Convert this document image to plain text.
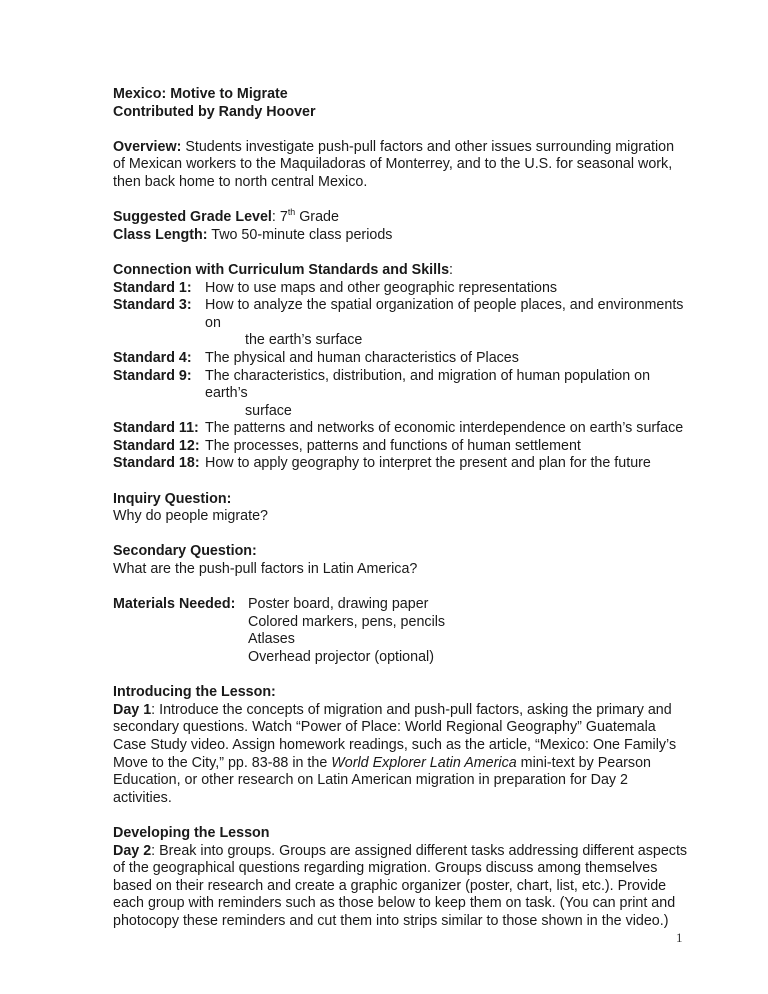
Mexico: Motive to Migrate
Contributed by Randy Hoover

Overview: Students investigate push-pull factors and other issues surrounding migration of Mexican workers to the Maquiladoras of Monterrey, and to the U.S. for seasonal work, then back home to north central Mexico.

Suggested Grade Level: 7th Grade

Class Length: Two 50-minute class periods

Connection with Curriculum Standards and Skills:

Standard 1: How to use maps and other geographic representations
Standard 3: How to analyze the spatial organization of people places, and environments on
the earth’s surface
Standard 4: The physical and human characteristics of Places
Standard 9: The characteristics, distribution, and migration of human population on earth’s
surface
Standard 11: The patterns and networks of economic interdependence on earth’s surface
Standard 12: The processes, patterns and functions of human settlement
Standard 18: How to apply geography to interpret the present and plan for the future

Inquiry Question:

Why do people migrate?

Secondary Question:

What are the push-pull factors in Latin America?

Materials Needed: Poster board, drawing paper
Colored markers, pens, pencils
Atlases
Overhead projector (optional)

Introducing the Lesson:

Day 1: Introduce the concepts of migration and push-pull factors, asking the primary and secondary questions. Watch “Power of Place: World Regional Geography” Guatemala Case Study video. Assign homework readings, such as the article, “Mexico: One Family’s Move to the City,” pp. 83-88 in the World Explorer Latin America mini-text by Pearson Education, or other research on Latin American migration in preparation for Day 2 activities.

Developing the Lesson

Day 2: Break into groups. Groups are assigned different tasks addressing different aspects of the geographical questions regarding migration. Groups discuss among themselves based on their research and create a graphic organizer (poster, chart, list, etc.). Provide each group with reminders such as those below to keep them on task. (You can print and photocopy these reminders and cut them into strips similar to those shown in the video.)

1
